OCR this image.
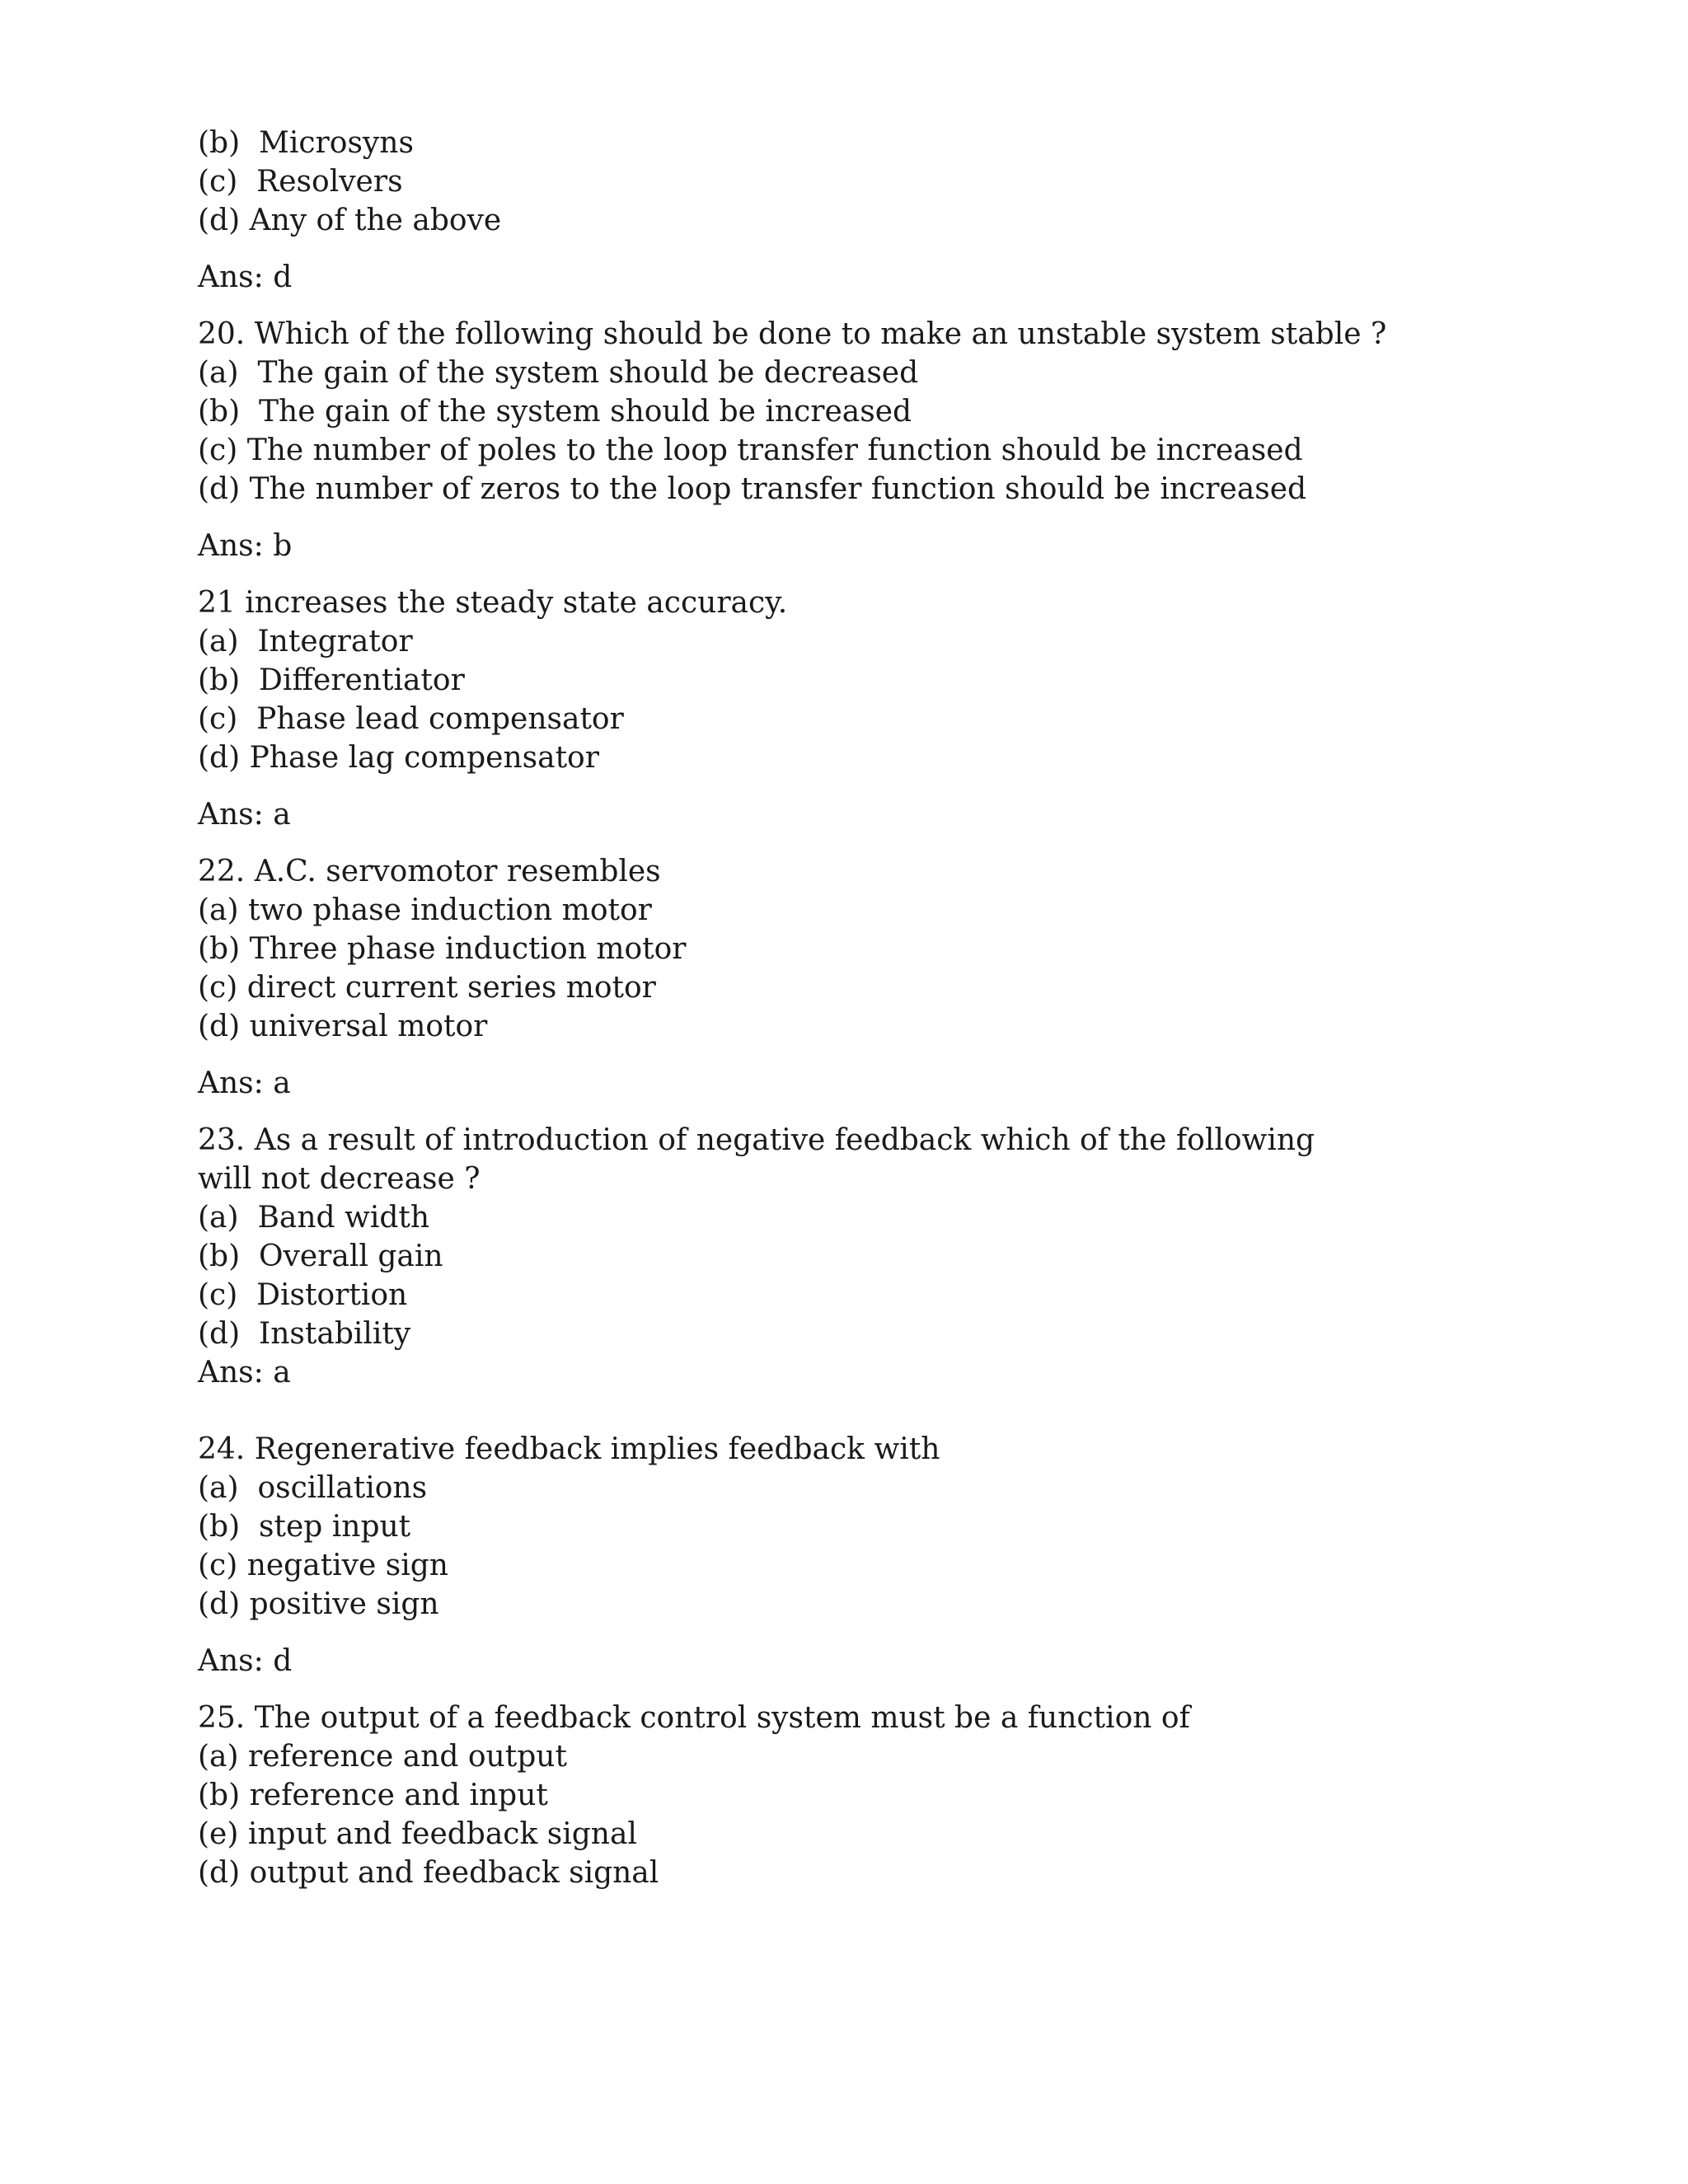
(b)  Microsyns
(c)  Resolvers
(d) Any of the above
Ans: d
20. Which of the following should be done to make an unstable system stable ?
(a)  The gain of the system should be decreased
(b)  The gain of the system should be increased
(c) The number of poles to the loop transfer function should be increased
(d) The number of zeros to the loop transfer function should be increased
Ans: b
21 increases the steady state accuracy.
(a)  Integrator
(b)  Differentiator
(c)  Phase lead compensator
(d) Phase lag compensator
Ans: a
22. A.C. servomotor resembles
(a) two phase induction motor
(b) Three phase induction motor
(c) direct current series motor
(d) universal motor
Ans: a
23. As a result of introduction of negative feedback which of the following will not decrease ?
(a)  Band width
(b)  Overall gain
(c)  Distortion
(d)  Instability
Ans: a
24. Regenerative feedback implies feedback with
(a)  oscillations
(b)  step input
(c) negative sign
(d) positive sign
Ans: d
25. The output of a feedback control system must be a function of
(a) reference and output
(b) reference and input
(e) input and feedback signal
(d) output and feedback signal
